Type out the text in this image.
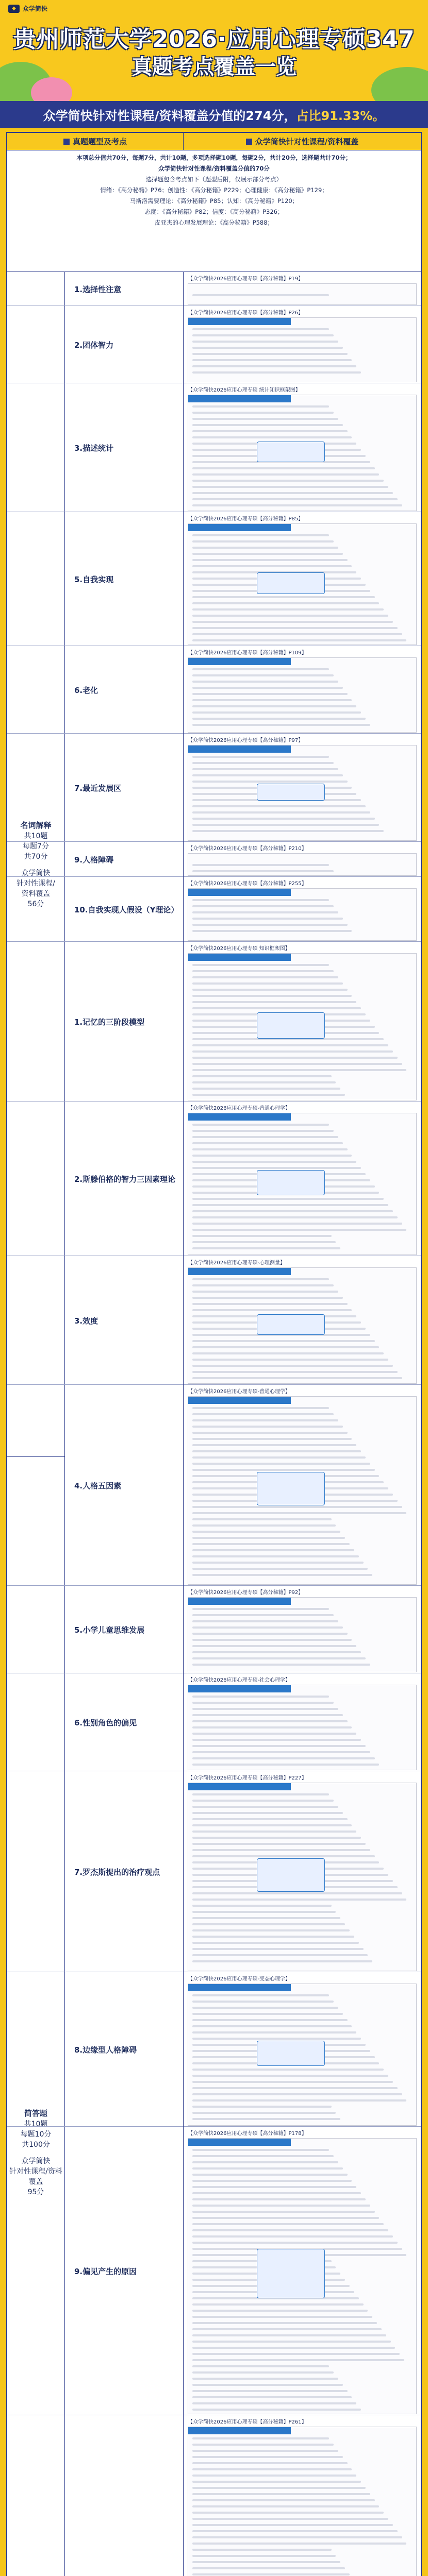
◆	众学简快
贵州师范大学2026·应用心理专硕347
真题考点覆盖一览
众学简快针对性课程/资料覆盖分值的274分， 占比91.33%。
真题题型及考点	众学简快针对性课程/资料覆盖
本项总分值共70分，每题7分，共计10题，多项选择题10题，每题2分，共计20分，选择题共计70分；
众学简快针对性课程/资料覆盖分值的70分
选择题包含考点如下（题型后附，仅展示部分考点）
情绪：《高分秘籍》P76；创造性：《高分秘籍》P229；心理健康：《高分秘籍》P129；
马斯洛需要理论：《高分秘籍》P85；认知：《高分秘籍》P120；
态度：《高分秘籍》P82；信度：《高分秘籍》P326；
皮亚杰的心理发展理论：《高分秘籍》P588；
名词解释
共10题
每题7分
共70分
众学简快
针对性课程/
资料覆盖
56分
简答题
共10题
每题10分
共100分
众学简快
针对性课程/资料覆盖
95分
1.选择性注意
【众学简快2026应用心理专硕【高分秘籍】P19】
2.团体智力
【众学简快2026应用心理专硕【高分秘籍】P26】
3.描述统计
【众学简快2026应用心理专硕 统计知识框架图】
5.自我实现
【众学简快2026应用心理专硕【高分秘籍】P85】
6.老化
【众学简快2026应用心理专硕【高分秘籍】P109】
7.最近发展区
【众学简快2026应用心理专硕【高分秘籍】P97】
9.人格障碍
【众学简快2026应用心理专硕【高分秘籍】P210】
10.自我实现人假设（Y理论）
【众学简快2026应用心理专硕【高分秘籍】P255】
1.记忆的三阶段模型
【众学简快2026应用心理专硕 知识框架图】
2.斯滕伯格的智力三因素理论
【众学简快2026应用心理专硕-普通心理学】
3.效度
【众学简快2026应用心理专硕-心理测量】
4.人格五因素
【众学简快2026应用心理专硕-普通心理学】
5.小学儿童思维发展
【众学简快2026应用心理专硕【高分秘籍】P92】
6.性别角色的偏见
【众学简快2026应用心理专硕-社会心理学】
7.罗杰斯提出的治疗观点
【众学简快2026应用心理专硕【高分秘籍】P227】
8.边缘型人格障碍
【众学简快2026应用心理专硕-变态心理学】
9.偏见产生的原因
【众学简快2026应用心理专硕【高分秘籍】P178】
【众学简快2026应用心理专硕【高分秘籍】P261】
